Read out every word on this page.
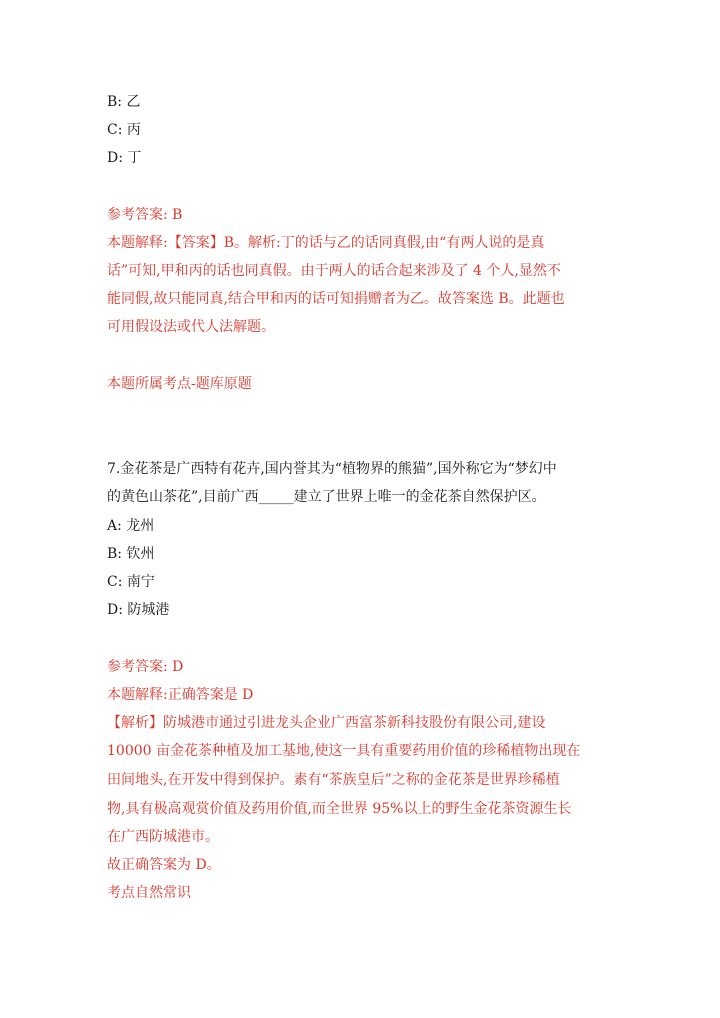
B: 乙
C: 丙
D: 丁
参考答案: B
本题解释:【答案】B。解析:丁的话与乙的话同真假,由“有两人说的是真
话”可知,甲和丙的话也同真假。由于两人的话合起来涉及了 4 个人,显然不
能同假,故只能同真,结合甲和丙的话可知捐赠者为乙。故答案选 B。此题也
可用假设法或代人法解题。
本题所属考点-题库原题
7.金花茶是广西特有花卉,国内誉其为“植物界的熊猫”,国外称它为“梦幻中
的黄色山茶花”,目前广西_____建立了世界上唯一的金花茶自然保护区。
A: 龙州
B: 钦州
C: 南宁
D: 防城港
参考答案: D
本题解释:正确答案是 D
【解析】防城港市通过引进龙头企业广西富茶新科技股份有限公司,建设
10000 亩金花茶种植及加工基地,使这一具有重要药用价值的珍稀植物出现在
田间地头,在开发中得到保护。素有“茶族皇后”之称的金花茶是世界珍稀植
物,具有极高观赏价值及药用价值,而全世界 95%以上的野生金花茶资源生长
在广西防城港市。
故正确答案为 D。
考点自然常识
